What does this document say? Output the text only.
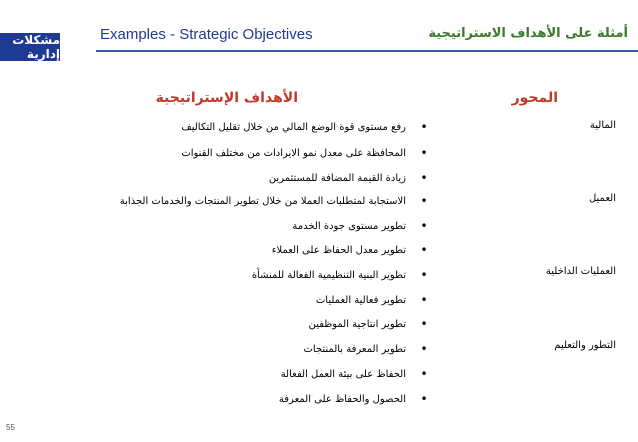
مشكلات إدارية
Examples - Strategic Objectives	أمثلة على الأهداف الاستراتيجية
المحور
الأهداف الإستراتيجية
المالية
العميل
العمليات الداخلية
التطور والتعليم
•
رفع مستوى قوة الوضع المالي من خلال تقليل التكاليف
•
المحافظة على معدل نمو الايرادات من مختلف القنوات
•
زيادة القيمة المضافة للمستثمرين
•
الاستجابة لمتطلبات العملا من خلال تطوير المنتجات والخدمات الجذابة
•
تطوير مستوى جودة الخدمة
•
تطوير معدل الحفاظ على العملاء
•
تطوير البنية التنظيمية الفعالة للمنشأة
•
تطوير فعالية العمليات
•
تطوير انتاجية الموظفين
•
تطوير المعرفة بالمنتجات
•
الحفاظ على بيئة العمل الفعالة
•
الحصول والحفاظ على المعرفة
55
